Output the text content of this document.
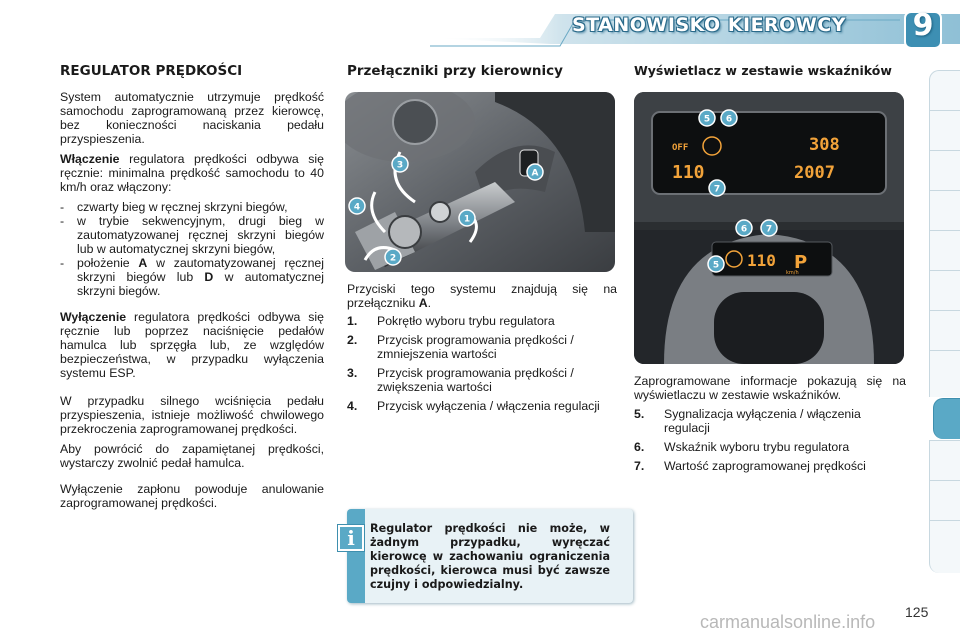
STANOWISKO KIEROWCY	9
REGULATOR PRĘDKOŚCI

System automatycznie utrzymuje prędkość samochodu zaprogramowaną przez kierowcę, bez konieczności naciskania pedału przyspieszenia.

Włączenie regulatora prędkości odbywa się ręcznie: minimalna prędkość samochodu to 40 km/h oraz włączony:

- czwarty bieg w ręcznej skrzyni biegów,
- w trybie sekwencyjnym, drugi bieg w zautomatyzowanej ręcznej skrzyni biegów lub w automatycznej skrzyni biegów,
- położenie A w zautomatyzowanej ręcznej skrzyni biegów lub D w automatycznej skrzyni biegów.

Wyłączenie regulatora prędkości odbywa się ręcznie lub poprzez naciśnięcie pedałów hamulca lub sprzęgła lub, ze względów bezpieczeństwa, w przypadku wyłączenia systemu ESP.

W przypadku silnego wciśnięcia pedału przyspieszenia, istnieje możliwość chwilowego przekroczenia zaprogramowanej prędkości.

Aby powrócić do zapamiętanej prędkości, wystarczy zwolnić pedał hamulca.

Wyłączenie zapłonu powoduje anulowanie zaprogramowanej prędkości.

Przełączniki przy kierownicy
3
4
1
2
A

Przyciski tego systemu znajdują się na przełączniku A.

1. Pokrętło wyboru trybu regulatora
2. Przycisk programowania prędkości / zmniejszenia wartości
3. Przycisk programowania prędkości / zwiększenia wartości
4. Przycisk wyłączenia / włączenia regulacji
i	Regulator prędkości nie może, w żadnym przypadku, wyręczać kierowcę w zachowaniu ograniczenia prędkości, kierowca musi być zawsze czujny i odpowiedzialny.
Wyświetlacz w zestawie wskaźników
OFF
110
308
2007
110
km/h
P
5 6
7
6 7
5

Zaprogramowane informacje pokazują się na wyświetlaczu w zestawie wskaźników.

5. Sygnalizacja wyłączenia / włączenia regulacji
6. Wskaźnik wyboru trybu regulatora
7. Wartość zaprogramowanej prędkości
carmanualsonline.info 125
